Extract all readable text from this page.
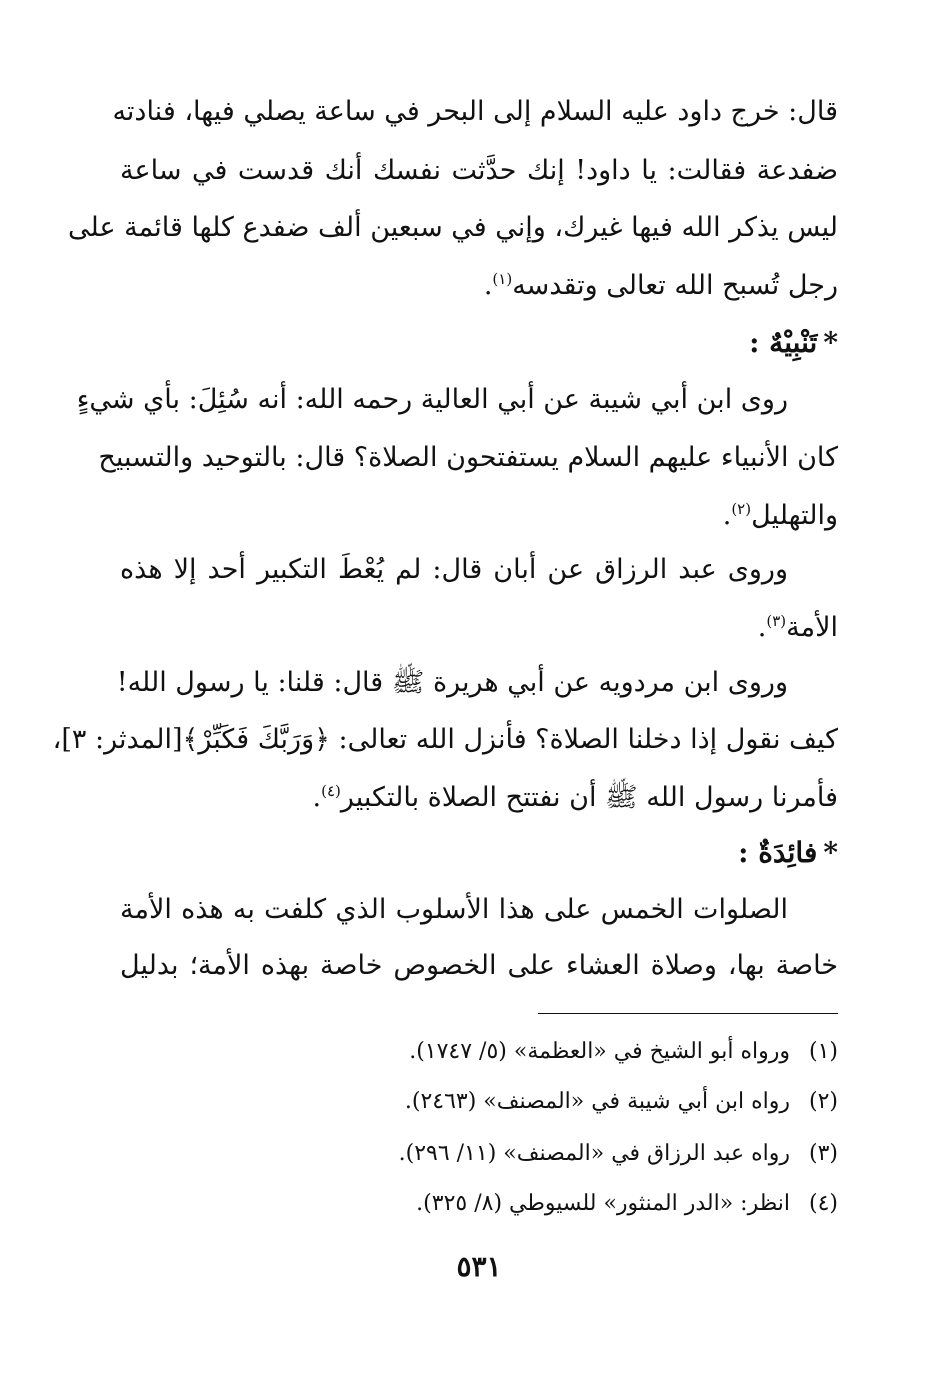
قال: خرج داود عليه السلام إلى البحر في ساعة يصلي فيها، فنادته
ضفدعة فقالت: يا داود! إنك حدَّثت نفسك أنك قدست في ساعة
ليس يذكر الله فيها غيرك، وإني في سبعين ألف ضفدع كلها قائمة على
رجل تُسبح الله تعالى وتقدسه$^{(١)}$.
*تَنْبِيْهٌ :
روى ابن أبي شيبة عن أبي العالية رحمه الله: أنه سُئِلَ: بأي شيءٍ
كان الأنبياء عليهم السلام يستفتحون الصلاة؟ قال: بالتوحيد والتسبيح
والتهليل$^{(٢)}$.
وروى عبد الرزاق عن أبان قال: لم يُعْطَ التكبير أحد إلا هذه
الأمة$^{(٣)}$.
وروى ابن مردويه عن أبي هريرة ﷺ قال: قلنا: يا رسول الله!
كيف نقول إذا دخلنا الصلاة؟ فأنزل الله تعالى: ﴿وَرَبَّكَ فَكَبِّرْ﴾[المدثر: ٣]،
فأمرنا رسول الله ﷺ أن نفتتح الصلاة بالتكبير$^{(٤)}$.
*فائِدَةٌ :
الصلوات الخمس على هذا الأسلوب الذي كلفت به هذه الأمة
خاصة بها، وصلاة العشاء على الخصوص خاصة بهذه الأمة؛ بدليل
(١)ورواه أبو الشيخ في «العظمة» (٥/ ١٧٤٧).
(٢)رواه ابن أبي شيبة في «المصنف» (٢٤٦٣).
(٣)رواه عبد الرزاق في «المصنف» (١١/ ٢٩٦).
(٤)انظر: «الدر المنثور» للسيوطي (٨/ ٣٢٥).
٥٣١
